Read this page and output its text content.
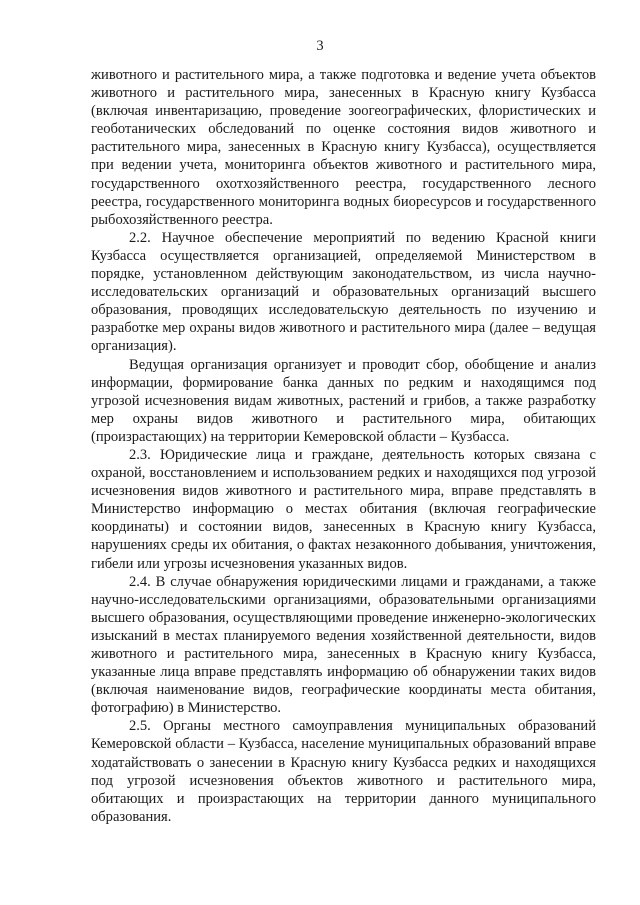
3

животного и растительного мира, а также подготовка и ведение учета объектов животного и растительного мира, занесенных в Красную книгу Кузбасса (включая инвентаризацию, проведение зоогеографических, флористических и геоботанических обследований по оценке состояния видов животного и растительного мира, занесенных в Красную книгу Кузбасса), осуществляется при ведении учета, мониторинга объектов животного и растительного мира, государственного охотхозяйственного реестра, государственного лесного реестра, государственного мониторинга водных биоресурсов и государственного рыбохозяйственного реестра.

2.2. Научное обеспечение мероприятий по ведению Красной книги Кузбасса осуществляется организацией, определяемой Министерством в порядке, установленном действующим законодательством, из числа научно-исследовательских организаций и образовательных организаций высшего образования, проводящих исследовательскую деятельность по изучению и разработке мер охраны видов животного и растительного мира (далее – ведущая организация).

Ведущая организация организует и проводит сбор, обобщение и анализ информации, формирование банка данных по редким и находящимся под угрозой исчезновения видам животных, растений и грибов, а также разработку мер охраны видов животного и растительного мира, обитающих (произрастающих) на территории Кемеровской области – Кузбасса.

2.3. Юридические лица и граждане, деятельность которых связана с охраной, восстановлением и использованием редких и находящихся под угрозой исчезновения видов животного и растительного мира, вправе представлять в Министерство информацию о местах обитания (включая географические координаты) и состоянии видов, занесенных в Красную книгу Кузбасса, нарушениях среды их обитания, о фактах незаконного добывания, уничтожения, гибели или угрозы исчезновения указанных видов.

2.4. В случае обнаружения юридическими лицами и гражданами, а также научно-исследовательскими организациями, образовательными организациями высшего образования, осуществляющими проведение инженерно-экологических изысканий в местах планируемого ведения хозяйственной деятельности, видов животного и растительного мира, занесенных в Красную книгу Кузбасса, указанные лица вправе представлять информацию об обнаружении таких видов (включая наименование видов, географические координаты места обитания, фотографию) в Министерство.

2.5. Органы местного самоуправления муниципальных образований Кемеровской области – Кузбасса, население муниципальных образований вправе ходатайствовать о занесении в Красную книгу Кузбасса редких и находящихся под угрозой исчезновения объектов животного и растительного мира, обитающих и произрастающих на территории данного муниципального образования.
